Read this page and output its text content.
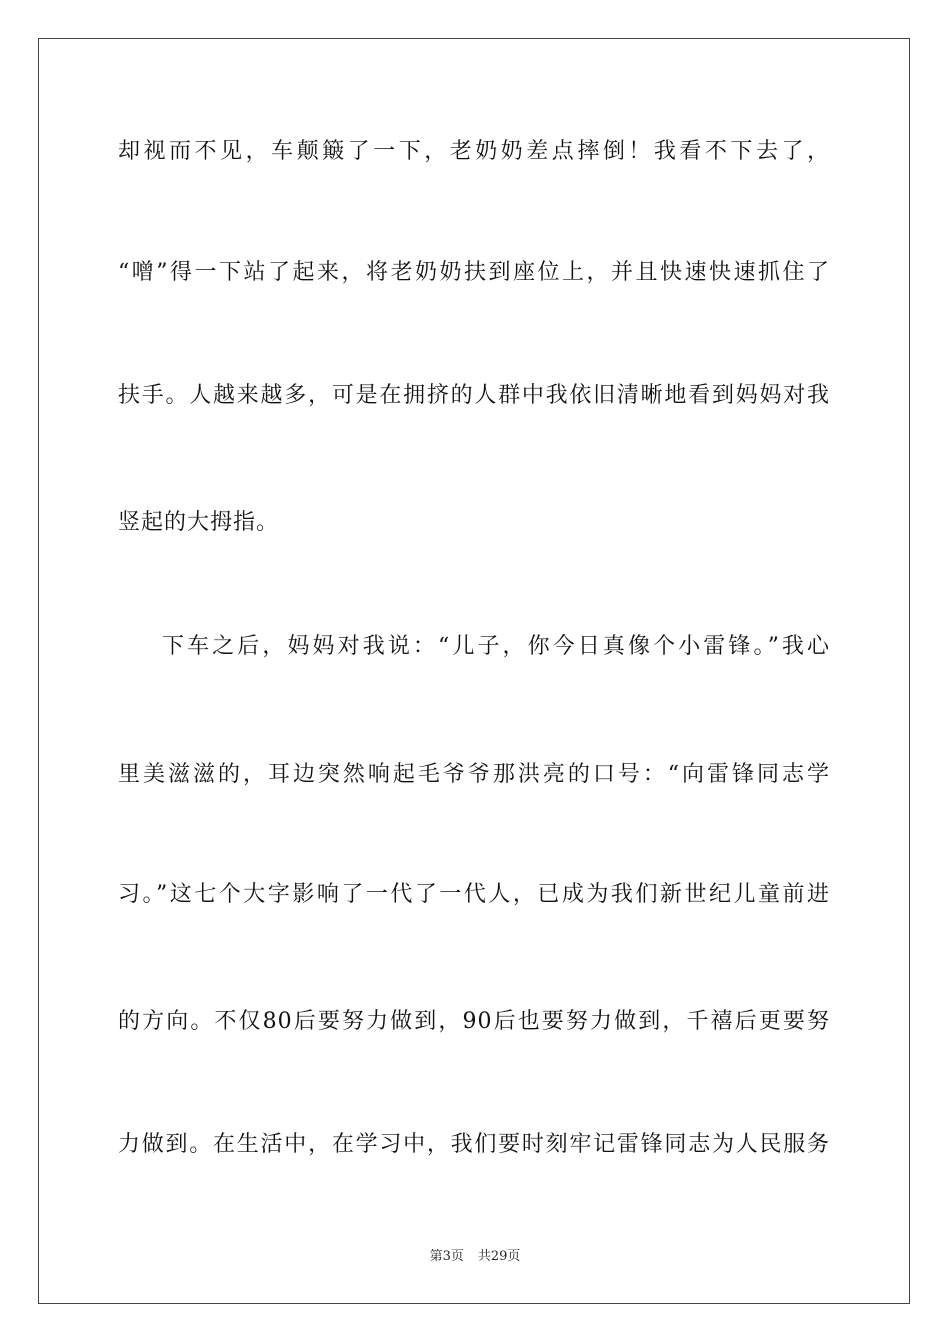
却视而不见，车颠簸了一下，老奶奶差点摔倒！我看不下去了，

“噌”得一下站了起来，将老奶奶扶到座位上，并且快速快速抓住了

扶手。人越来越多，可是在拥挤的人群中我依旧清晰地看到妈妈对我

竖起的大拇指。

下车之后，妈妈对我说：“儿子，你今日真像个小雷锋。”我心

里美滋滋的，耳边突然响起毛爷爷那洪亮的口号：“向雷锋同志学

习。”这七个大字影响了一代了一代人，已成为我们新世纪儿童前进

的方向。不仅80后要努力做到，90后也要努力做到，千禧后更要努

力做到。在生活中，在学习中，我们要时刻牢记雷锋同志为人民服务

第3页 共29页
